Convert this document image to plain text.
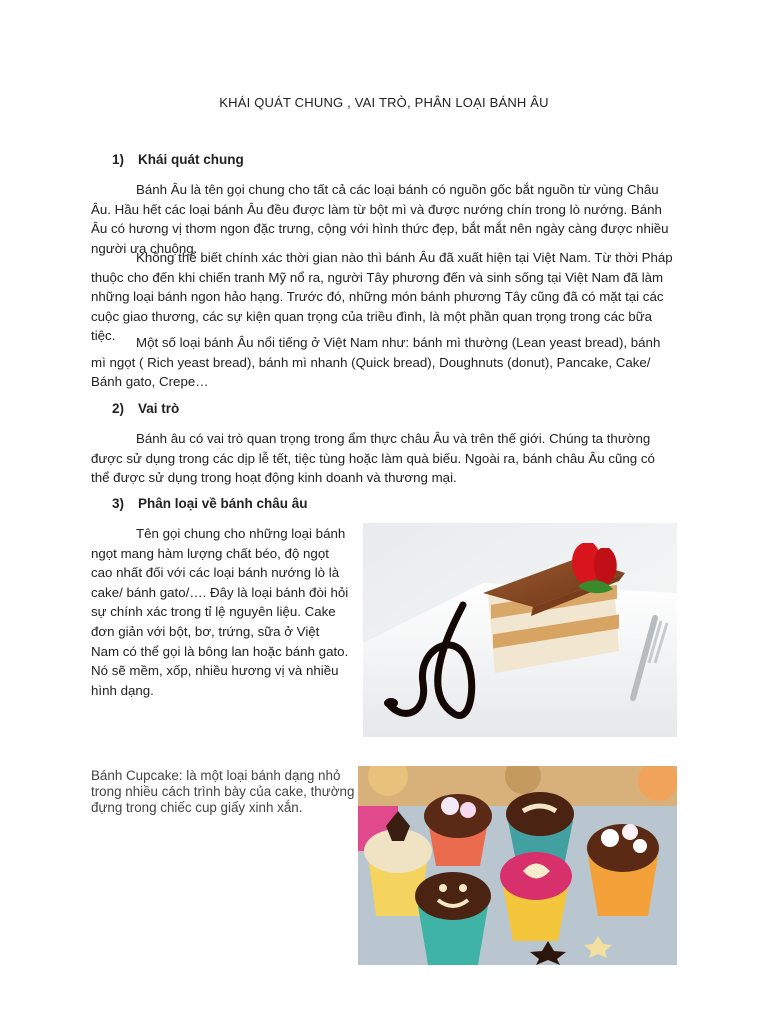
KHÁI QUÁT CHUNG , VAI TRÒ, PHÂN LOẠI BÁNH ÂU
1) Khái quát chung

Bánh Âu là tên gọi chung cho tất cả các loại bánh có nguồn gốc bắt nguồn từ vùng Châu Âu. Hầu hết các loại bánh Âu đều được làm từ bột mì và được nướng chín trong lò nướng. Bánh Âu có hương vị thơm ngon đặc trưng, cộng với hình thức đẹp, bắt mắt nên ngày càng được nhiều người ưa chuộng.

Không thể biết chính xác thời gian nào thì bánh Âu đã xuất hiện tại Việt Nam. Từ thời Pháp thuộc cho đến khi chiến tranh Mỹ nổ ra, người Tây phương đến và sinh sống tại Việt Nam đã làm những loại bánh ngon hảo hạng. Trước đó, những món bánh phương Tây cũng đã có mặt tại các cuộc giao thương, các sự kiện quan trọng của triều đình, là một phần quan trọng trong các bữa tiệc.	Một số loại bánh Âu nổi tiếng ở Việt Nam như: bánh mì thường (Lean yeast bread), bánh mì ngọt ( Rich yeast bread), bánh mì nhanh (Quick bread), Doughnuts (donut), Pancake, Cake/ Bánh gato, Crepe…

2) Vai trò

Bánh âu có vai trò quan trọng trong ẩm thực châu Âu và trên thế giới. Chúng ta thường được sử dụng trong các dịp lễ tết, tiệc tùng hoặc làm quà biếu. Ngoài ra, bánh châu Âu cũng có thể được sử dụng trong hoạt động kinh doanh và thương mại.

3) Phân loại về bánh châu âu

Tên gọi chung cho những loại bánh ngọt mang hàm lượng chất béo, độ ngọt cao nhất đối với các loại bánh nướng lò là cake/ bánh gato/…. Đây là loại bánh đòi hỏi sự chính xác trong tỉ lệ nguyên liệu. Cake đơn giản với bột, bơ, trứng, sữa ở Việt Nam có thể gọi là bông lan hoặc bánh gato. Nó sẽ mềm, xốp, nhiều hương vị và nhiều hình dạng.

Bánh Cupcake: là một loại bánh dạng nhỏ trong nhiều cách trình bày của cake, thường đựng trong chiếc cup giấy xinh xắn.
